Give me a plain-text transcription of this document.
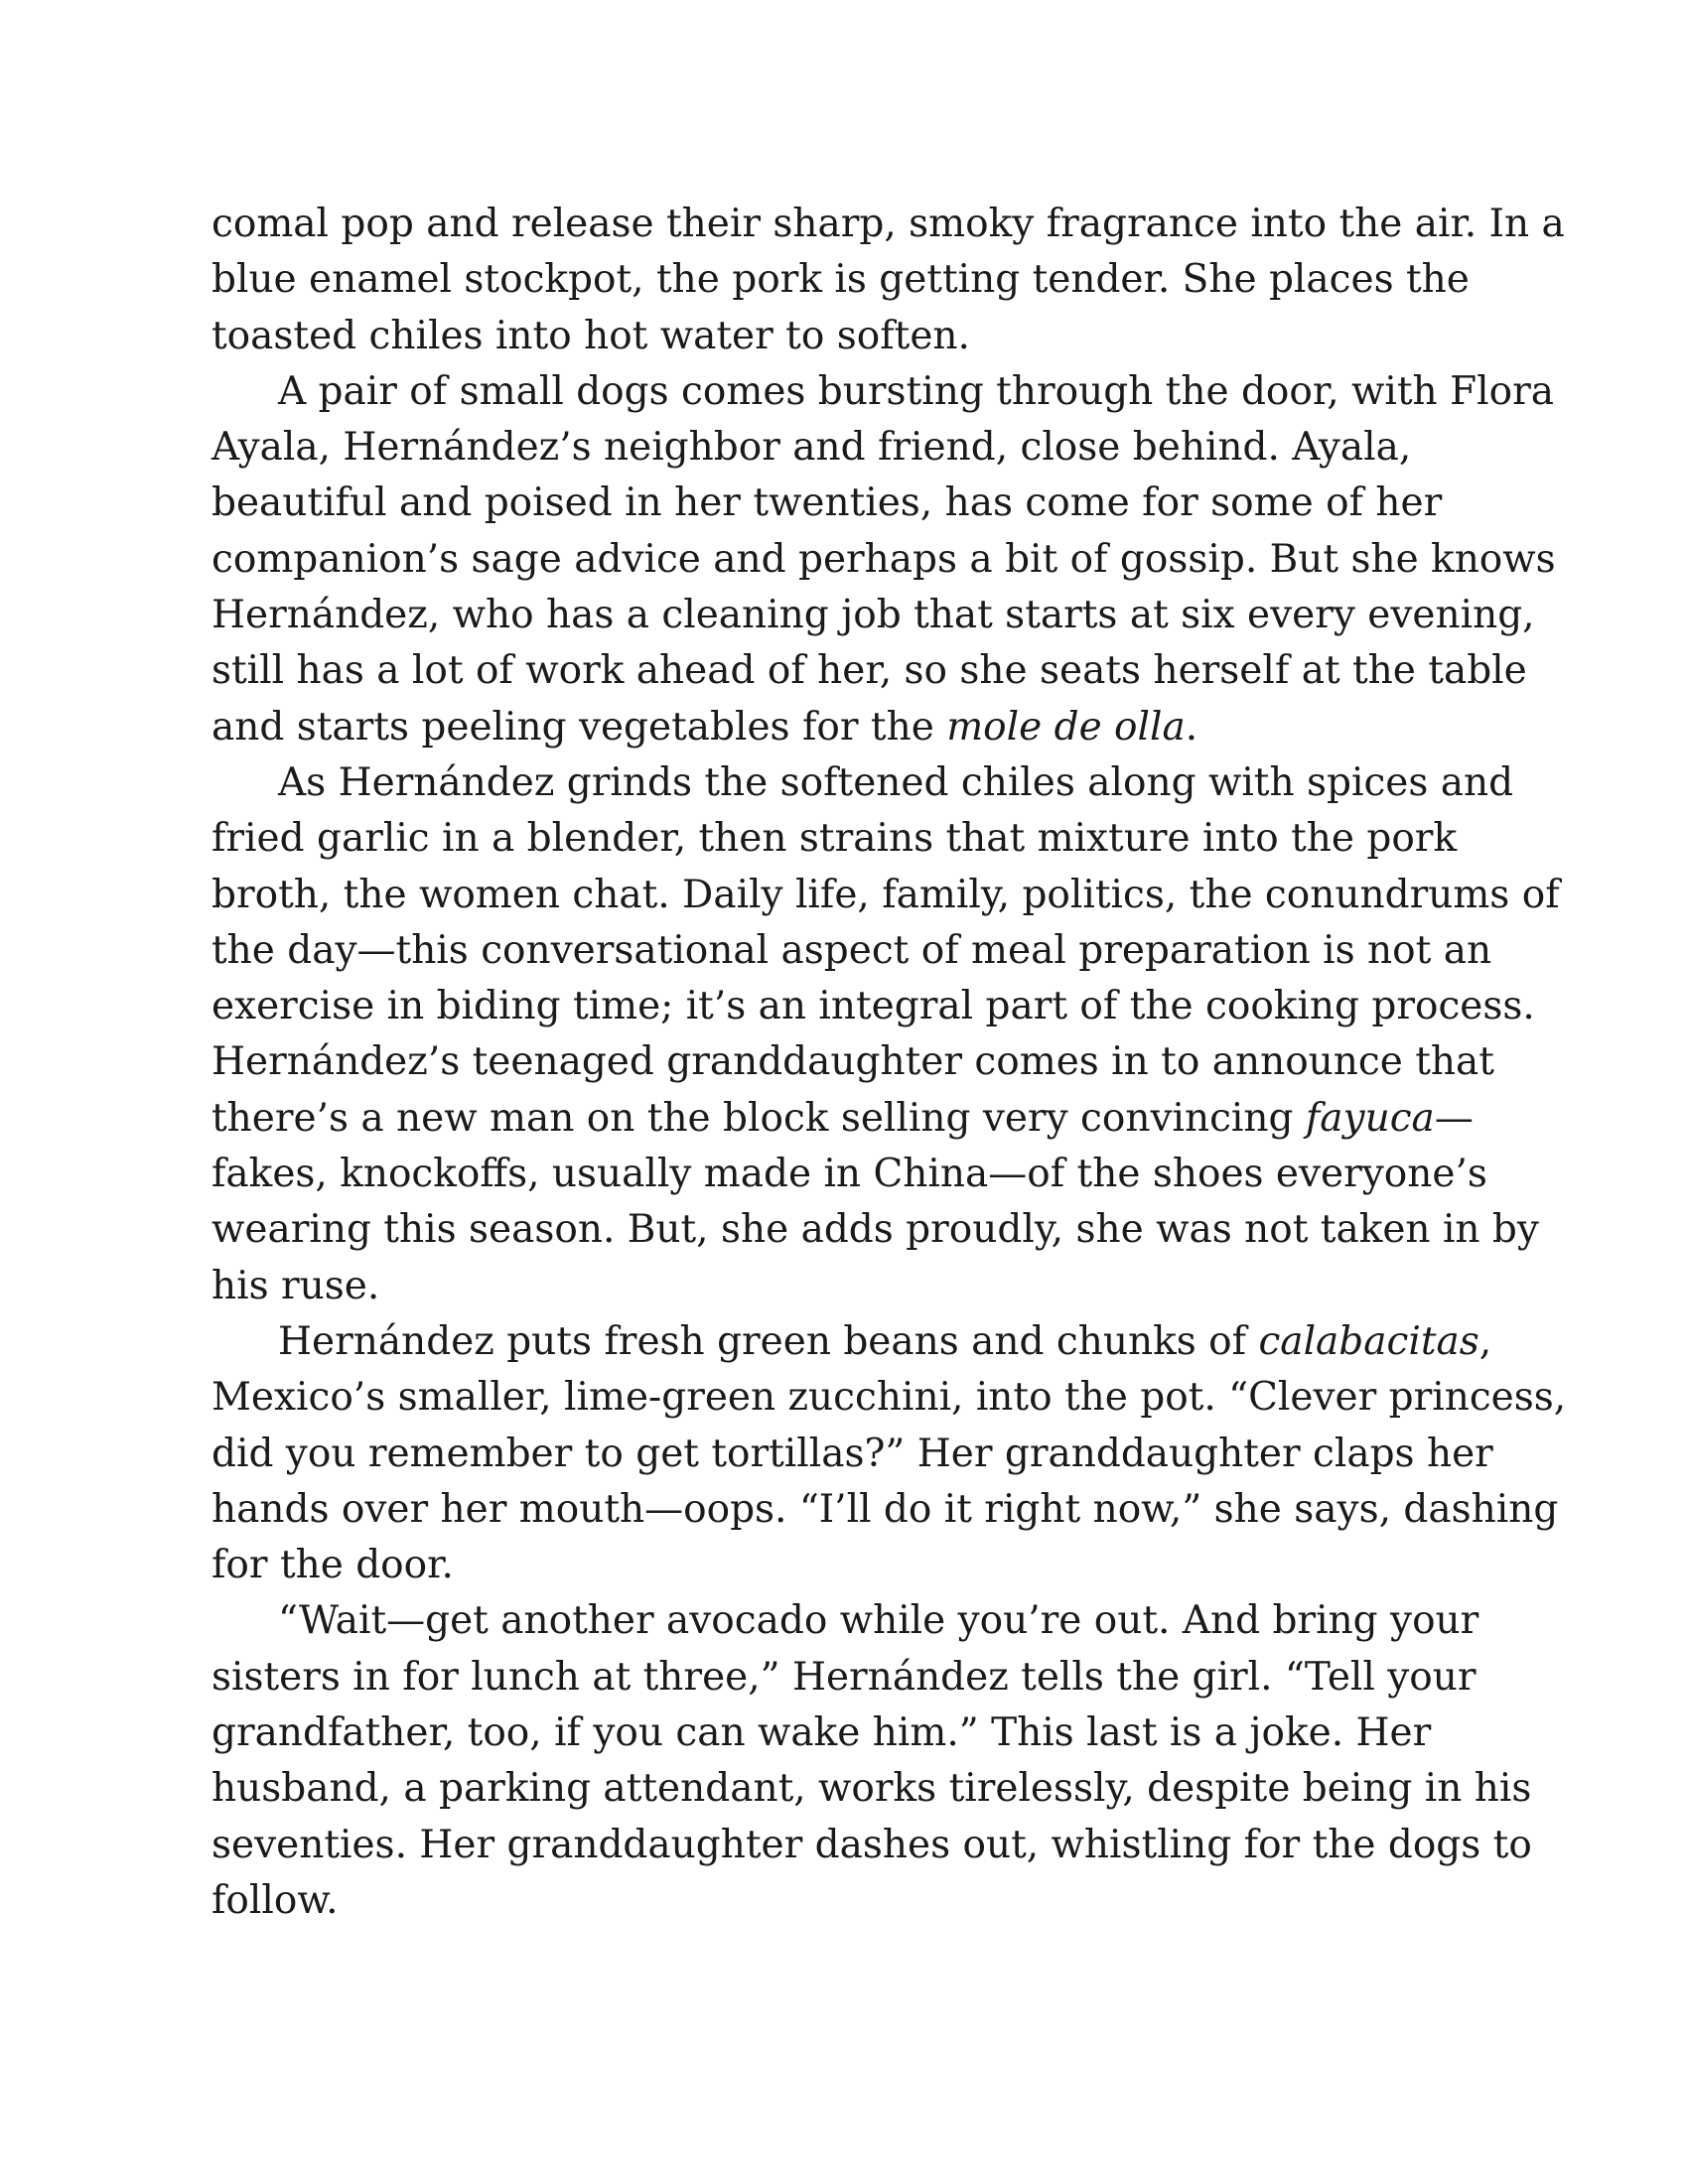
comal pop and release their sharp, smoky fragrance into the air. In a
blue enamel stockpot, the pork is getting tender. She places the
toasted chiles into hot water to soften.
A pair of small dogs comes bursting through the door, with Flora
Ayala, Hernández’s neighbor and friend, close behind. Ayala,
beautiful and poised in her twenties, has come for some of her
companion’s sage advice and perhaps a bit of gossip. But she knows
Hernández, who has a cleaning job that starts at six every evening,
still has a lot of work ahead of her, so she seats herself at the table
and starts peeling vegetables for the mole de olla.
As Hernández grinds the softened chiles along with spices and
fried garlic in a blender, then strains that mixture into the pork
broth, the women chat. Daily life, family, politics, the conundrums of
the day—this conversational aspect of meal preparation is not an
exercise in biding time; it’s an integral part of the cooking process.
Hernández’s teenaged granddaughter comes in to announce that
there’s a new man on the block selling very convincing fayuca—
fakes, knockoffs, usually made in China—of the shoes everyone’s
wearing this season. But, she adds proudly, she was not taken in by
his ruse.
Hernández puts fresh green beans and chunks of calabacitas,
Mexico’s smaller, lime-green zucchini, into the pot. “Clever princess,
did you remember to get tortillas?” Her granddaughter claps her
hands over her mouth—oops. “I’ll do it right now,” she says, dashing
for the door.
“Wait—get another avocado while you’re out. And bring your
sisters in for lunch at three,” Hernández tells the girl. “Tell your
grandfather, too, if you can wake him.” This last is a joke. Her
husband, a parking attendant, works tirelessly, despite being in his
seventies. Her granddaughter dashes out, whistling for the dogs to
follow.
